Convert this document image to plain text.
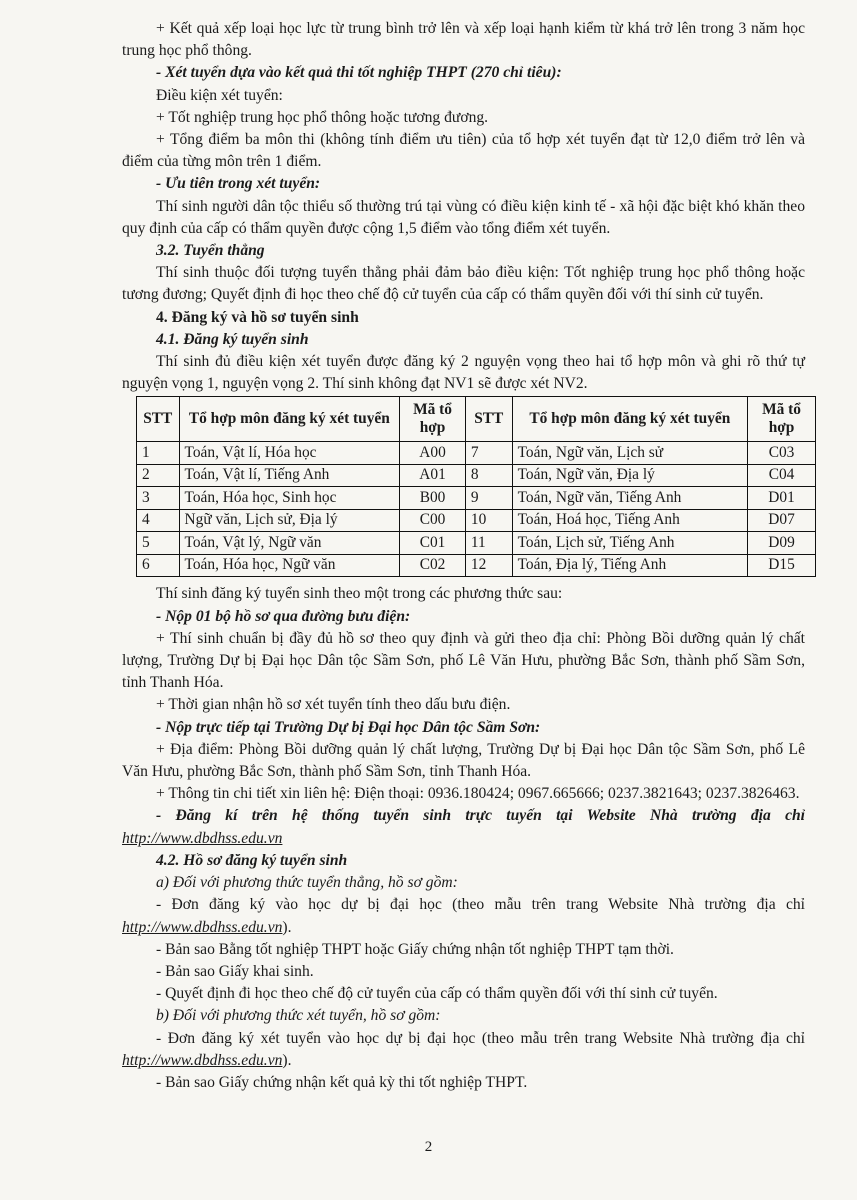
+ Kết quả xếp loại học lực từ trung bình trở lên và xếp loại hạnh kiểm từ khá trở lên trong 3 năm học trung học phổ thông.

- Xét tuyển dựa vào kết quả thi tốt nghiệp THPT (270 chỉ tiêu):

Điều kiện xét tuyển:

+ Tốt nghiệp trung học phổ thông hoặc tương đương.

+ Tổng điểm ba môn thi (không tính điểm ưu tiên) của tổ hợp xét tuyển đạt từ 12,0 điểm trở lên và điểm của từng môn trên 1 điểm.

- Ưu tiên trong xét tuyển:

Thí sinh người dân tộc thiểu số thường trú tại vùng có điều kiện kinh tế - xã hội đặc biệt khó khăn theo quy định của cấp có thẩm quyền được cộng 1,5 điểm vào tổng điểm xét tuyển.

3.2. Tuyển thẳng

Thí sinh thuộc đối tượng tuyển thẳng phải đảm bảo điều kiện: Tốt nghiệp trung học phổ thông hoặc tương đương; Quyết định đi học theo chế độ cử tuyển của cấp có thẩm quyền đối với thí sinh cử tuyển.

4. Đăng ký và hồ sơ tuyển sinh

4.1. Đăng ký tuyển sinh

Thí sinh đủ điều kiện xét tuyển được đăng ký 2 nguyện vọng theo hai tổ hợp môn và ghi rõ thứ tự nguyện vọng 1, nguyện vọng 2. Thí sinh không đạt NV1 sẽ được xét NV2.

STT	Tổ hợp môn đăng ký xét tuyển	Mã tổ hợp	STT	Tổ hợp môn đăng ký xét tuyển	Mã tổ hợp
1	Toán, Vật lí, Hóa học	A00	7	Toán, Ngữ văn, Lịch sử	C03
2	Toán, Vật lí, Tiếng Anh	A01	8	Toán, Ngữ văn, Địa lý	C04
3	Toán, Hóa học, Sinh học	B00	9	Toán, Ngữ văn, Tiếng Anh	D01
4	Ngữ văn, Lịch sử, Địa lý	C00	10	Toán, Hoá học, Tiếng Anh	D07
5	Toán, Vật lý, Ngữ văn	C01	11	Toán, Lịch sử, Tiếng Anh	D09
6	Toán, Hóa học, Ngữ văn	C02	12	Toán, Địa lý, Tiếng Anh	D15

Thí sinh đăng ký tuyển sinh theo một trong các phương thức sau:

- Nộp 01 bộ hồ sơ qua đường bưu điện:

+ Thí sinh chuẩn bị đầy đủ hồ sơ theo quy định và gửi theo địa chỉ: Phòng Bồi dưỡng quản lý chất lượng, Trường Dự bị Đại học Dân tộc Sầm Sơn, phố Lê Văn Hưu, phường Bắc Sơn, thành phố Sầm Sơn, tỉnh Thanh Hóa.

+ Thời gian nhận hồ sơ xét tuyển tính theo dấu bưu điện.

- Nộp trực tiếp tại Trường Dự bị Đại học Dân tộc Sầm Sơn:

+ Địa điểm: Phòng Bồi dưỡng quản lý chất lượng, Trường Dự bị Đại học Dân tộc Sầm Sơn, phố Lê Văn Hưu, phường Bắc Sơn, thành phố Sầm Sơn, tỉnh Thanh Hóa.

+ Thông tin chi tiết xin liên hệ: Điện thoại: 0936.180424; 0967.665666; 0237.3821643; 0237.3826463.

- Đăng kí trên hệ thống tuyển sinh trực tuyến tại Website Nhà trường địa chỉ http://www.dbdhss.edu.vn

4.2. Hồ sơ đăng ký tuyển sinh

a) Đối với phương thức tuyển thẳng, hồ sơ gồm:

- Đơn đăng ký vào học dự bị đại học (theo mẫu trên trang Website Nhà trường địa chỉ http://www.dbdhss.edu.vn).

- Bản sao Bằng tốt nghiệp THPT hoặc Giấy chứng nhận tốt nghiệp THPT tạm thời.

- Bản sao Giấy khai sinh.

- Quyết định đi học theo chế độ cử tuyển của cấp có thẩm quyền đối với thí sinh cử tuyển.

b) Đối với phương thức xét tuyển, hồ sơ gồm:

- Đơn đăng ký xét tuyển vào học dự bị đại học (theo mẫu trên trang Website Nhà trường địa chỉ http://www.dbdhss.edu.vn).

- Bản sao Giấy chứng nhận kết quả kỳ thi tốt nghiệp THPT.

2
